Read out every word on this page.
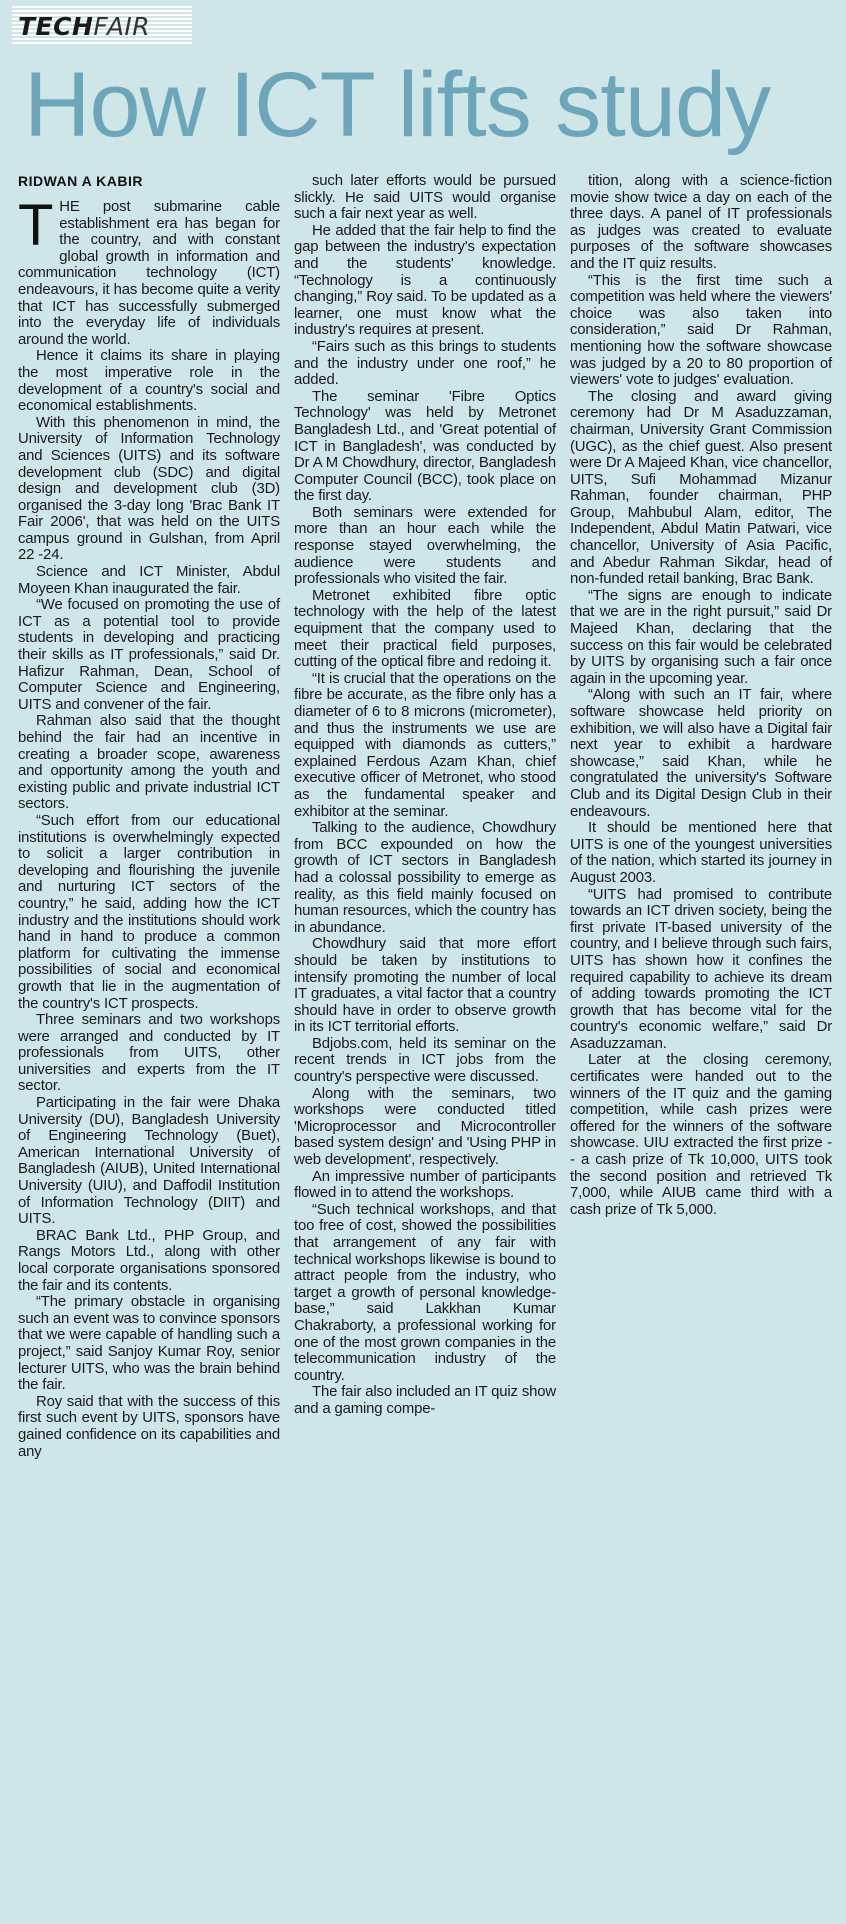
TECH FAIR
How ICT lifts study
RIDWAN A KABIR

THE post submarine cable establishment era has began for the country, and with constant global growth in information and communication technology (ICT) endeavours, it has become quite a verity that ICT has successfully submerged into the everyday life of individuals around the world.

Hence it claims its share in playing the most imperative role in the development of a country's social and economical establishments.

With this phenomenon in mind, the University of Information Technology and Sciences (UITS) and its software development club (SDC) and digital design and development club (3D) organised the 3-day long 'Brac Bank IT Fair 2006', that was held on the UITS campus ground in Gulshan, from April 22 -24.

Science and ICT Minister, Abdul Moyeen Khan inaugurated the fair.

“We focused on promoting the use of ICT as a potential tool to provide students in developing and practicing their skills as IT professionals,” said Dr. Hafizur Rahman, Dean, School of Computer Science and Engineering, UITS and convener of the fair.

Rahman also said that the thought behind the fair had an incentive in creating a broader scope, awareness and opportunity among the youth and existing public and private industrial ICT sectors.

“Such effort from our educational institutions is overwhelmingly expected to solicit a larger contribution in developing and flourishing the juvenile and nurturing ICT sectors of the country,” he said, adding how the ICT industry and the institutions should work hand in hand to produce a common platform for cultivating the immense possibilities of social and economical growth that lie in the augmentation of the country's ICT prospects.

Three seminars and two workshops were arranged and conducted by IT professionals from UITS, other universities and experts from the IT sector.

Participating in the fair were Dhaka University (DU), Bangladesh University of Engineering Technology (Buet), American International University of Bangladesh (AIUB), United International University (UIU), and Daffodil Institution of Information Technology (DIIT) and UITS.

BRAC Bank Ltd., PHP Group, and Rangs Motors Ltd., along with other local corporate organisations sponsored the fair and its contents.

“The primary obstacle in organising such an event was to convince sponsors that we were capable of handling such a project,” said Sanjoy Kumar Roy, senior lecturer UITS, who was the brain behind the fair.

Roy said that with the success of this first such event by UITS, sponsors have gained confidence on its capabilities and any

such later efforts would be pursued slickly. He said UITS would organise such a fair next year as well.

He added that the fair help to find the gap between the industry's expectation and the students' knowledge. “Technology is a continuously changing,” Roy said. To be updated as a learner, one must know what the industry's requires at present.

“Fairs such as this brings to students and the industry under one roof,” he added.

The seminar 'Fibre Optics Technology' was held by Metronet Bangladesh Ltd., and 'Great potential of ICT in Bangladesh', was conducted by Dr A M Chowdhury, director, Bangladesh Computer Council (BCC), took place on the first day.

Both seminars were extended for more than an hour each while the response stayed overwhelming, the audience were students and professionals who visited the fair.

Metronet exhibited fibre optic technology with the help of the latest equipment that the company used to meet their practical field purposes, cutting of the optical fibre and redoing it.

“It is crucial that the operations on the fibre be accurate, as the fibre only has a diameter of 6 to 8 microns (micrometer), and thus the instruments we use are equipped with diamonds as cutters,” explained Ferdous Azam Khan, chief executive officer of Metronet, who stood as the fundamental speaker and exhibitor at the seminar.

Talking to the audience, Chowdhury from BCC expounded on how the growth of ICT sectors in Bangladesh had a colossal possibility to emerge as reality, as this field mainly focused on human resources, which the country has in abundance.

Chowdhury said that more effort should be taken by institutions to intensify promoting the number of local IT graduates, a vital factor that a country should have in order to observe growth in its ICT territorial efforts.

Bdjobs.com, held its seminar on the recent trends in ICT jobs from the country's perspective were discussed.

Along with the seminars, two workshops were conducted titled 'Microprocessor and Microcontroller based system design' and 'Using PHP in web development', respectively.

An impressive number of participants flowed in to attend the workshops.

“Such technical workshops, and that too free of cost, showed the possibilities that arrangement of any fair with technical workshops likewise is bound to attract people from the industry, who target a growth of personal knowledge-base,” said Lakkhan Kumar Chakraborty, a professional working for one of the most grown companies in the telecommunication industry of the country.

The fair also included an IT quiz show and a gaming compe-

tition, along with a science-fiction movie show twice a day on each of the three days. A panel of IT professionals as judges was created to evaluate purposes of the software showcases and the IT quiz results.

“This is the first time such a competition was held where the viewers' choice was also taken into consideration,” said Dr Rahman, mentioning how the software showcase was judged by a 20 to 80 proportion of viewers' vote to judges' evaluation.

The closing and award giving ceremony had Dr M Asaduzzaman, chairman, University Grant Commission (UGC), as the chief guest. Also present were Dr A Majeed Khan, vice chancellor, UITS, Sufi Mohammad Mizanur Rahman, founder chairman, PHP Group, Mahbubul Alam, editor, The Independent, Abdul Matin Patwari, vice chancellor, University of Asia Pacific, and Abedur Rahman Sikdar, head of non-funded retail banking, Brac Bank.

“The signs are enough to indicate that we are in the right pursuit,” said Dr Majeed Khan, declaring that the success on this fair would be celebrated by UITS by organising such a fair once again in the upcoming year.

“Along with such an IT fair, where software showcase held priority on exhibition, we will also have a Digital fair next year to exhibit a hardware showcase,” said Khan, while he congratulated the university's Software Club and its Digital Design Club in their endeavours.

It should be mentioned here that UITS is one of the youngest universities of the nation, which started its journey in August 2003.

“UITS had promised to contribute towards an ICT driven society, being the first private IT-based university of the country, and I believe through such fairs, UITS has shown how it confines the required capability to achieve its dream of adding towards promoting the ICT growth that has become vital for the country's economic welfare,” said Dr Asaduzzaman.

Later at the closing ceremony, certificates were handed out to the winners of the IT quiz and the gaming competition, while cash prizes were offered for the winners of the software showcase. UIU extracted the first prize -- a cash prize of Tk 10,000, UITS took the second position and retrieved Tk 7,000, while AIUB came third with a cash prize of Tk 5,000.
